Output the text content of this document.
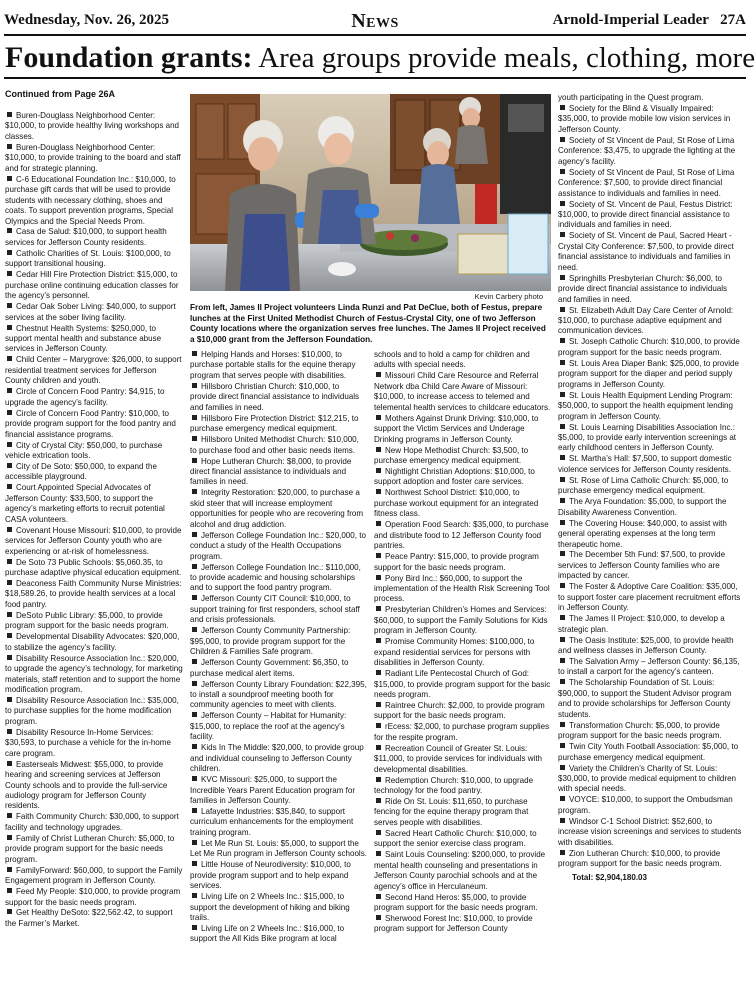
Wednesday, Nov. 26, 2025	News	Arnold-Imperial Leader 27A
Foundation grants: Area groups provide meals, clothing, more
Continued from Page 26A

Buren-Douglass Neighborhood Center: $10,000, to provide healthy living workshops and classes.

Buren-Douglass Neighborhood Center: $10,000, to provide training to the board and staff and for strategic planning.

C-6 Educational Foundation Inc.: $10,000, to purchase gift cards that will be used to provide students with necessary clothing, shoes and coats. To support prevention programs, Special Olympics and the Special Needs Prom.

Casa de Salud: $10,000, to support health services for Jefferson County residents.

Catholic Charities of St. Louis: $100,000, to support transitional housing.

Cedar Hill Fire Protection District: $15,000, to purchase online continuing education classes for the agency’s personnel.

Cedar Oak Sober Living: $40,000, to support services at the sober living facility.

Chestnut Health Systems: $250,000, to support mental health and substance abuse services in Jefferson County.

Child Center – Marygrove: $26,000, to support residential treatment services for Jefferson County children and youth.

Circle of Concern Food Pantry: $4,915, to upgrade the agency’s facility.

Circle of Concern Food Pantry: $10,000, to provide program support for the food pantry and financial assistance programs.

City of Crystal City: $50,000, to purchase vehicle extrication tools.

City of De Soto: $50,000, to expand the accessible playground.

Court Appointed Special Advocates of Jefferson County: $33,500, to support the agency’s marketing efforts to recruit potential CASA volunteers.

Covenant House Missouri: $10,000, to provide services for Jefferson County youth who are experiencing or at-risk of homelessness.

De Soto 73 Public Schools: $5,060.35, to purchase adaptive physical education equipment.

Deaconess Faith Community Nurse Ministries: $18,589.26, to provide health services at a local food pantry.

DeSoto Public Library: $5,000, to provide program support for the basic needs program.

Developmental Disability Advocates: $20,000, to stabilize the agency’s facility.

Disability Resource Association Inc.: $20,000, to upgrade the agency’s technology, for marketing materials, staff retention and to support the home modification program.

Disability Resource Association Inc.: $35,000, to purchase supplies for the home modification program.

Disability Resource In-Home Services: $30,593, to purchase a vehicle for the in-home care program.

Easterseals Midwest: $55,000, to provide hearing and screening services at Jefferson County schools and to provide the full-service audiology program for Jefferson County residents.

Faith Community Church: $30,000, to support facility and technology upgrades.

Family of Christ Lutheran Church: $5,000, to provide program support for the basic needs program.

FamilyForward: $60,000, to support the Family Engagement program in Jefferson County.

Feed My People: $10,000, to provide program support for the basic needs program.

Get Healthy DeSoto: $22,562.42, to support the Farmer’s Market.

Kevin Carbery photo
From left, James II Project volunteers Linda Runzi and Pat DeClue, both of Festus, prepare lunches at the First United Methodist Church of Festus-Crystal City, one of two Jefferson County locations where the organization serves free lunches. The James II Project received a $10,000 grant from the Jefferson Foundation.

Helping Hands and Horses: $10,000, to purchase portable stalls for the equine therapy program that serves people with disabilities.

Hillsboro Christian Church: $10,000, to provide direct financial assistance to individuals and families in need.

Hillsboro Fire Protection District: $12,215, to purchase emergency medical equipment.

Hillsboro United Methodist Church: $10,000, to purchase food and other basic needs items.

Hope Lutheran Church: $8,000, to provide direct financial assistance to individuals and families in need.

Integrity Restoration: $20,000, to purchase a skid steer that will increase employment opportunities for people who are recovering from alcohol and drug addiction.

Jefferson College Foundation Inc.: $20,000, to conduct a study of the Health Occupations program.

Jefferson College Foundation Inc.: $110,000, to provide academic and housing scholarships and to support the food pantry program.

Jefferson County CIT Council: $10,000, to support training for first responders, school staff and crisis professionals.

Jefferson County Community Partnership: $95,000, to provide program support for the Children & Families Safe program.

Jefferson County Government: $6,350, to purchase medical alert items.

Jefferson County Library Foundation: $22,395, to install a soundproof meeting booth for community agencies to meet with clients.

Jefferson County – Habitat for Humanity: $15,000, to replace the roof at the agency’s facility.

Kids In The Middle: $20,000, to provide group and individual counseling to Jefferson County children.

KVC Missouri: $25,000, to support the Incredible Years Parent Education program for families in Jefferson County.

Lafayette Industries: $35,840, to support curriculum enhancements for the employment training program.

Let Me Run St. Louis: $5,000, to support the Let Me Run program in Jefferson County schools.

Little House of Neurodiversity: $10,000, to provide program support and to help expand services.

Living Life on 2 Wheels Inc.: $15,000, to support the development of hiking and biking trails.

Living Life on 2 Wheels Inc.: $16,000, to support the All Kids Bike program at local

schools and to hold a camp for children and adults with special needs.

Missouri Child Care Resource and Referral Network dba Child Care Aware of Missouri: $10,000, to increase access to telemed and telemental health services to childcare educators.

Mothers Against Drunk Driving: $10,000, to support the Victim Services and Underage Drinking programs in Jefferson County.

New Hope Methodist Church: $3,500, to purchase emergency medical equipment.

Nightlight Christian Adoptions: $10,000, to support adoption and foster care services.

Northwest School District: $10,000, to purchase workout equipment for an integrated fitness class.

Operation Food Search: $35,000, to purchase and distribute food to 12 Jefferson County food pantries.

Peace Pantry: $15,000, to provide program support for the basic needs program.

Pony Bird Inc.: $60,000, to support the implementation of the Health Risk Screening Tool process.

Presbyterian Children’s Homes and Services: $60,000, to support the Family Solutions for Kids program in Jefferson County.

Promise Community Homes: $100,000, to expand residential services for persons with disabilities in Jefferson County.

Radiant Life Pentecostal Church of God: $15,000, to provide program support for the basic needs program.

Raintree Church: $2,000, to provide program support for the basic needs program.

rEcess: $2,000, to purchase program supplies for the respite program.

Recreation Council of Greater St. Louis: $11,000, to provide services for individuals with developmental disabilities.

Redemption Church: $10,000, to upgrade technology for the food pantry.

Ride On St. Louis: $11,650, to purchase fencing for the equine therapy program that serves people with disabilities.

Sacred Heart Catholic Church: $10,000, to support the senior exercise class program.

Saint Louis Counseling: $200,000, to provide mental health counseling and presentations in Jefferson County parochial schools and at the agency’s office in Herculaneum.

Second Hand Heros: $5,000, to provide program support for the basic needs program.

Sherwood Forest Inc: $10,000, to provide program support for Jefferson County

youth participating in the Quest program.

Society for the Blind & Visually Impaired: $35,000, to provide mobile low vision services in Jefferson County.

Society of St Vincent de Paul, St Rose of Lima Conference: $3,475, to upgrade the lighting at the agency’s facility.

Society of St Vincent de Paul, St Rose of Lima Conference: $7,500, to provide direct financial assistance to individuals and families in need.

Society of St. Vincent de Paul, Festus District: $10,000, to provide direct financial assistance to individuals and families in need.

Society of St. Vincent de Paul, Sacred Heart - Crystal City Conference: $7,500, to provide direct financial assistance to individuals and families in need.

Springhills Presbyterian Church: $6,000, to provide direct financial assistance to individuals and families in need.

St. Elizabeth Adult Day Care Center of Arnold: $10,000, to purchase adaptive equipment and communication devices.

St. Joseph Catholic Church: $10,000, to provide program support for the basic needs program.

St. Louis Area Diaper Bank: $25,000, to provide program support for the diaper and period supply programs in Jefferson County.

St. Louis Health Equipment Lending Program: $50,000, to support the health equipment lending program in Jefferson County.

St. Louis Learning Disabilities Association Inc.: $5,000, to provide early intervention screenings at early childhood centers in Jefferson County.

St. Martha’s Hall: $7,500, to support domestic violence services for Jefferson County residents.

St. Rose of Lima Catholic Church: $5,000, to purchase emergency medical equipment.

The Arya Foundation: $5,000, to support the Disability Awareness Convention.

The Covering House: $40,000, to assist with general operating expenses at the long term therapeutic home.

The December 5th Fund: $7,500, to provide services to Jefferson County families who are impacted by cancer.

The Foster & Adoptive Care Coalition: $35,000, to support foster care placement recruitment efforts in Jefferson County.

The James II Project: $10,000, to develop a strategic plan.

The Oasis Institute: $25,000, to provide health and wellness classes in Jefferson County.

The Salvation Army – Jefferson County: $6,135, to install a carport for the agency’s canteen.

The Scholarship Foundation of St. Louis: $90,000, to support the Student Advisor program and to provide scholarships for Jefferson County students.

Transformation Church: $5,000, to provide program support for the basic needs program.

Twin City Youth Football Association: $5,000, to purchase emergency medical equipment.

Variety the Children’s Charity of St. Louis: $30,000, to provide medical equipment to children with special needs.

VOYCE: $10,000, to support the Ombudsman program.

Windsor C-1 School District: $52,600, to increase vision screenings and services to students with disabilities.

Zion Lutheran Church: $10,000, to provide program support for the basic needs program.

Total: $2,904,180.03
